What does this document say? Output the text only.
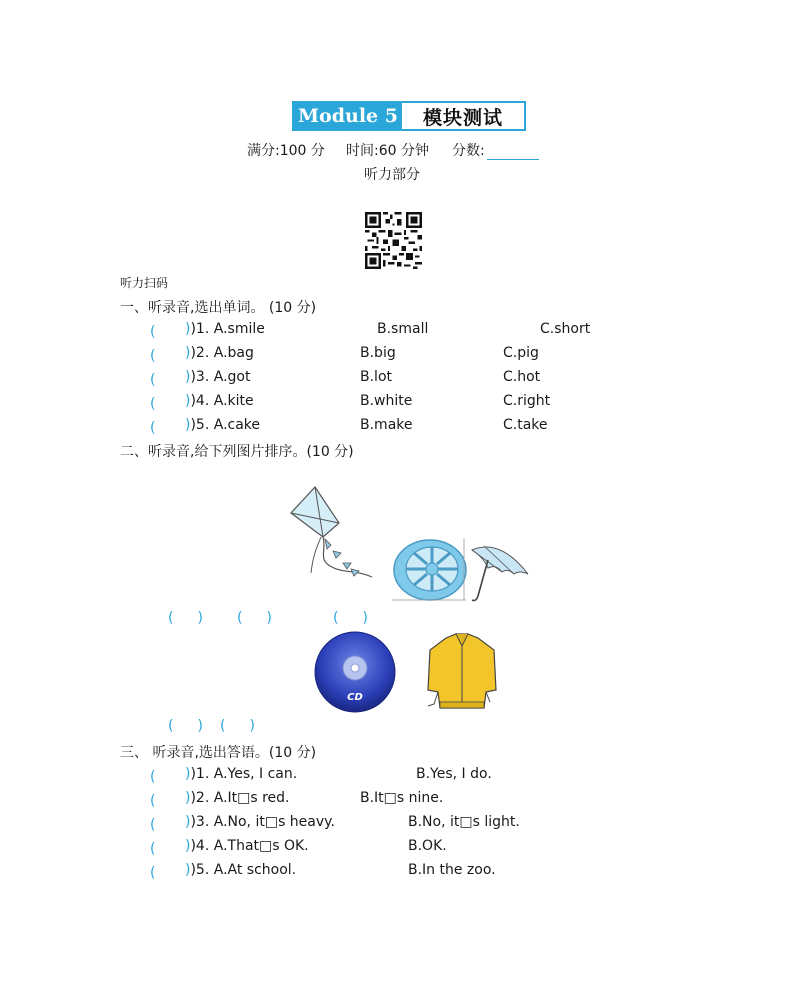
Module 5	模块测试
满分:100 分 时间:60 分钟 分数:
听力部分
听力扫码
一、听录音,选出单词。 (10 分)
( ))1. A.smile	B.small	C.short
( ))2. A.bag	B.big	C.pig
( ))3. A.got	B.lot	C.hot
( ))4. A.kite	B.white	C.right
( ))5. A.cake	B.make	C.take
二、听录音,给下列图片排序。(10 分)
( ) ( )	( )
CD
( ) ( )
三、 听录音,选出答语。(10 分)
( ))1. A.Yes, I can.	B.Yes, I do.
( ))2. A.It□s red.	B.It□s nine.
( ))3. A.No, it□s heavy.	B.No, it□s light.
( ))4. A.That□s OK.	B.OK.
( ))5. A.At school.	B.In the zoo.
